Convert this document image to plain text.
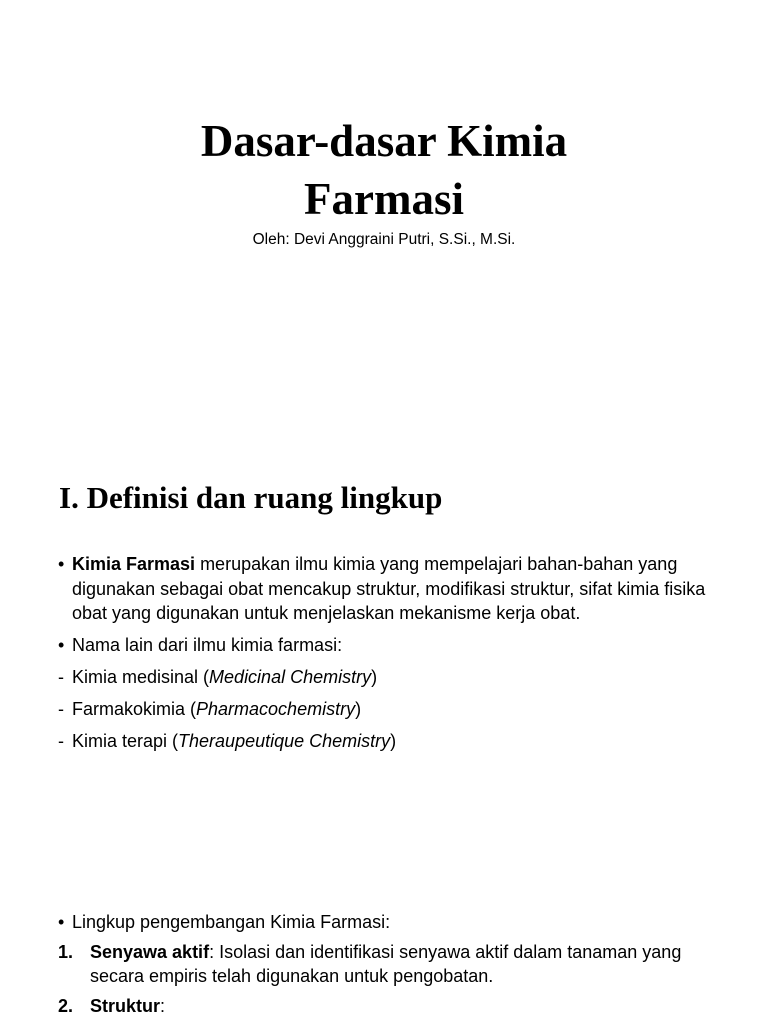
Dasar-dasar Kimia
Farmasi

Oleh: Devi Anggraini Putri, S.Si., M.Si.

I. Definisi dan ruang lingkup
• Kimia Farmasi merupakan ilmu kimia yang mempelajari bahan-bahan yang digunakan sebagai obat mencakup struktur, modifikasi struktur, sifat kimia fisika obat yang digunakan untuk menjelaskan mekanisme kerja obat.
• Nama lain dari ilmu kimia farmasi:
- Kimia medisinal (Medicinal Chemistry)
- Farmakokimia (Pharmacochemistry)
- Kimia terapi (Theraupeutique Chemistry)
• Lingkup pengembangan Kimia Farmasi:
1. Senyawa aktif: Isolasi dan identifikasi senyawa aktif dalam tanaman yang secara empiris telah digunakan untuk pengobatan.
2. Struktur:
